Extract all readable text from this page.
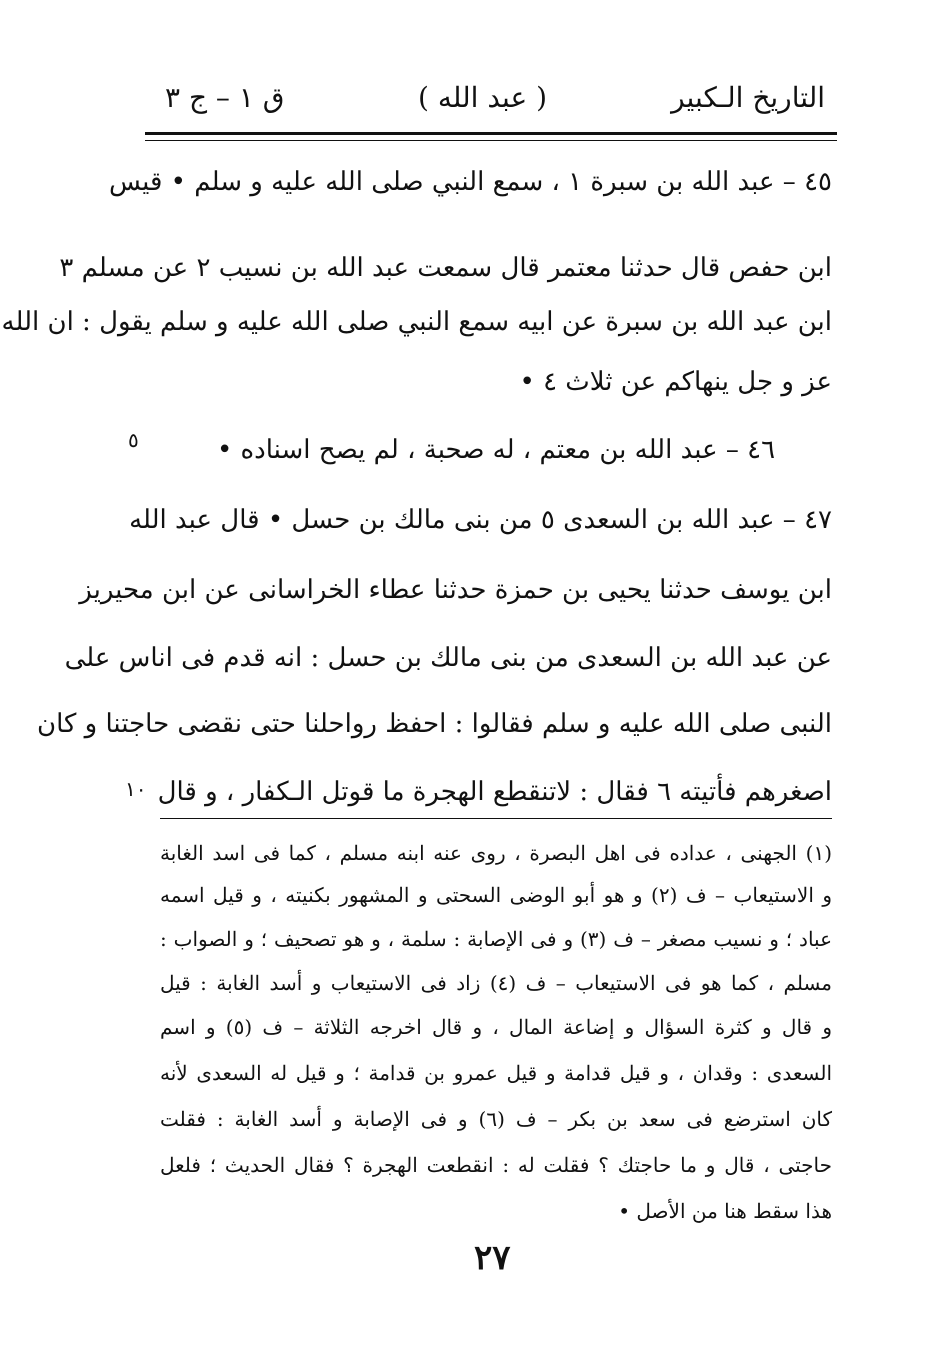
التاريخ الـكبير
( عبد الله )
ق ١ – ج ٣
٥
١٠
٤٥ – عبد الله بن سبرة ١ ، سمع النبي صلى الله عليه و سلم • قيس
ابن حفص قال حدثنا معتمر قال سمعت عبد الله بن نسيب ٢ عن مسلم ٣
ابن عبد الله بن سبرة عن ابيه سمع النبي صلى الله عليه و سلم يقول : ان الله
عز و جل ينهاكم عن ثلاث ٤ •
٤٦ – عبد الله بن معتم ، له صحبة ، لم يصح اسناده •
٤٧ – عبد الله بن السعدى ٥ من بنى مالك بن حسل • قال عبد الله
ابن يوسف حدثنا يحيى بن حمزة حدثنا عطاء الخراسانى عن ابن محيريز
عن عبد الله بن السعدى من بنى مالك بن حسل : انه قدم فى اناس على
النبى صلى الله عليه و سلم فقالوا : احفظ رواحلنا حتى نقضى حاجتنا و كان
اصغرهم فأتيته ٦ فقال : لاتنقطع الهجرة ما قوتل الـكفار ، و قال
(١) الجهنى ، عداده فى اهل البصرة ، روى عنه ابنه مسلم ، كما فى اسد الغابة
و الاستيعاب – ف (٢) و هو أبو الوضى السحتى و المشهور بكنيته ، و قيل اسمه
عباد ؛ و نسيب مصغر – ف (٣) و فى الإصابة : سلمة ، و هو تصحيف ؛ و الصواب :
مسلم ، كما هو فى الاستيعاب – ف (٤) زاد فى الاستيعاب و أسد الغابة : قيل
و قال و كثرة السؤال و إضاعة المال ، و قال اخرجه الثلاثة – ف (٥) و اسم
السعدى : وقدان ، و قيل قدامة و قيل عمرو بن قدامة ؛ و قيل له السعدى لأنه
كان استرضع فى سعد بن بكر – ف (٦) و فى الإصابة و أسد الغابة : فقلت
حاجتى ، قال و ما حاجتك ؟ فقلت له : انقطعت الهجرة ؟ فقال الحديث ؛ فلعل
هذا سقط هنا من الأصل •
٢٧
